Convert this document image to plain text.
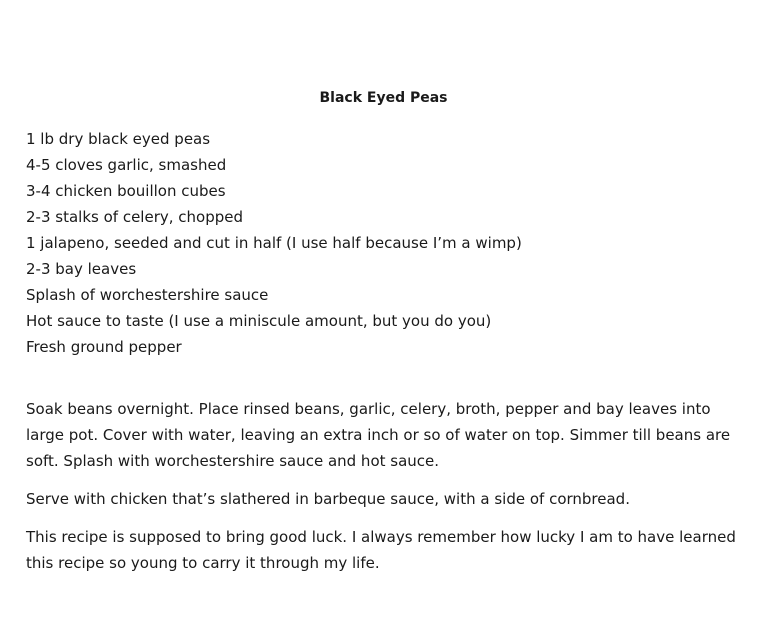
Black Eyed Peas
1 lb dry black eyed peas
4-5 cloves garlic, smashed
3-4 chicken bouillon cubes
2-3 stalks of celery, chopped
1 jalapeno, seeded and cut in half (I use half because I’m a wimp)
2-3 bay leaves
Splash of worchestershire sauce
Hot sauce to taste (I use a miniscule amount, but you do you)
Fresh ground pepper

Soak beans overnight. Place rinsed beans, garlic, celery, broth, pepper and bay leaves into large pot. Cover with water, leaving an extra inch or so of water on top. Simmer till beans are soft. Splash with worchestershire sauce and hot sauce.

Serve with chicken that’s slathered in barbeque sauce, with a side of cornbread.

This recipe is supposed to bring good luck. I always remember how lucky I am to have learned this recipe so young to carry it through my life.
